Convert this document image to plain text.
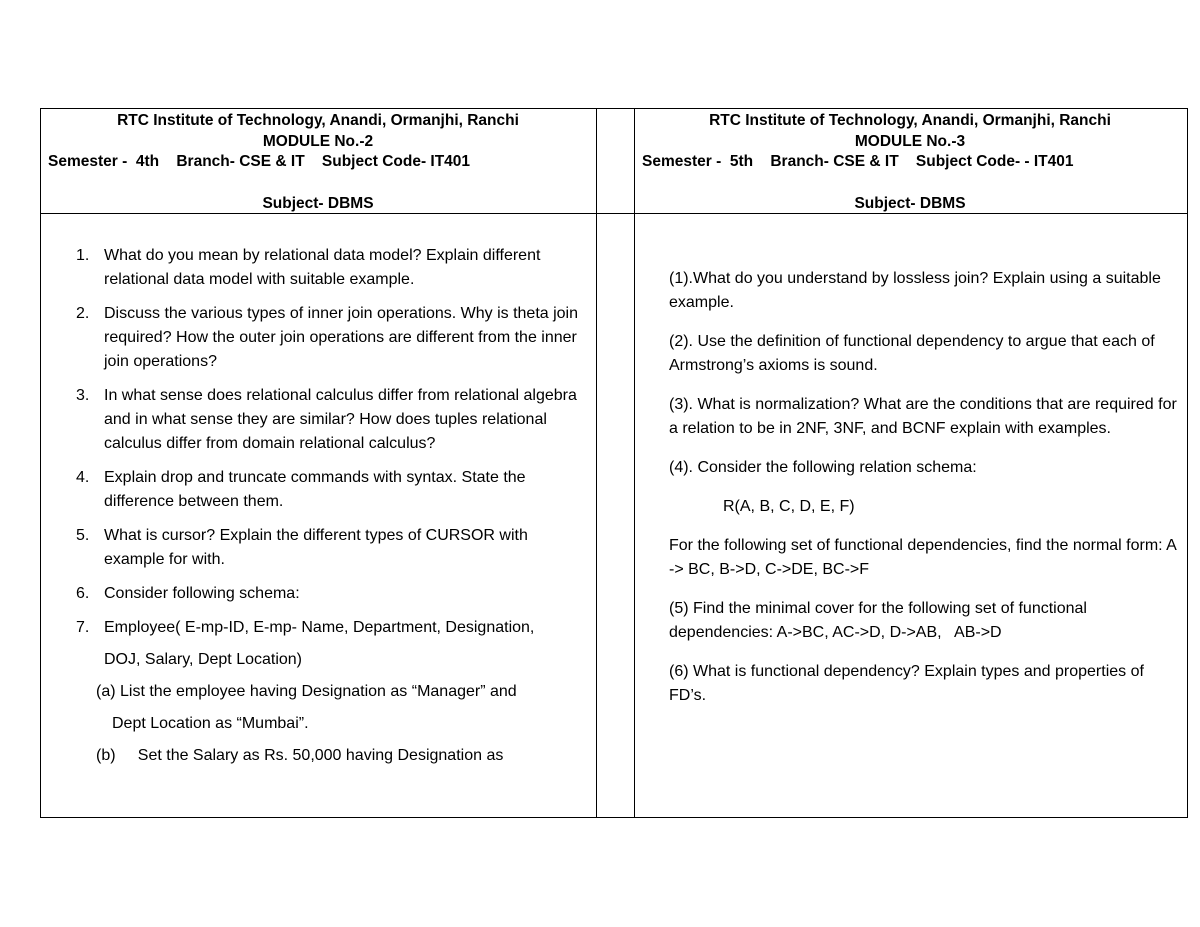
RTC Institute of Technology, Anandi, Ormanjhi, Ranchi
MODULE No.-2
Semester -  4th    Branch- CSE & IT    Subject Code- IT401
Subject- DBMS
RTC Institute of Technology, Anandi, Ormanjhi, Ranchi
MODULE No.-3
Semester -  5th    Branch- CSE & IT    Subject Code- - IT401
Subject- DBMS
1. What do you mean by relational data model? Explain different relational data model with suitable example.
2. Discuss the various types of inner join operations. Why is theta join required? How the outer join operations are different from the inner join operations?
3. In what sense does relational calculus differ from relational algebra and in what sense they are similar? How does tuples relational calculus differ from domain relational calculus?
4. Explain drop and truncate commands with syntax. State the difference between them.
5. What is cursor? Explain the different types of CURSOR with example for with.
6. Consider following schema:
7. Employee( E-mp-ID, E-mp- Name, Department, Designation,
DOJ, Salary, Dept Location)
(a) List the employee having Designation as “Manager” and
Dept Location as “Mumbai”.
(b)     Set the Salary as Rs. 50,000 having Designation as

(1).What do you understand by lossless join? Explain using a suitable example.

(2). Use the definition of functional dependency to argue that each of Armstrong’s axioms is sound.

(3). What is normalization? What are the conditions that are required for a relation to be in 2NF, 3NF, and BCNF explain with examples.

(4). Consider the following relation schema:

R(A, B, C, D, E, F)

For the following set of functional dependencies, find the normal form: A -> BC, B->D, C->DE, BC->F

(5) Find the minimal cover for the following set of functional dependencies: A->BC, AC->D, D->AB,   AB->D

(6) What is functional dependency? Explain types and properties of FD’s.
